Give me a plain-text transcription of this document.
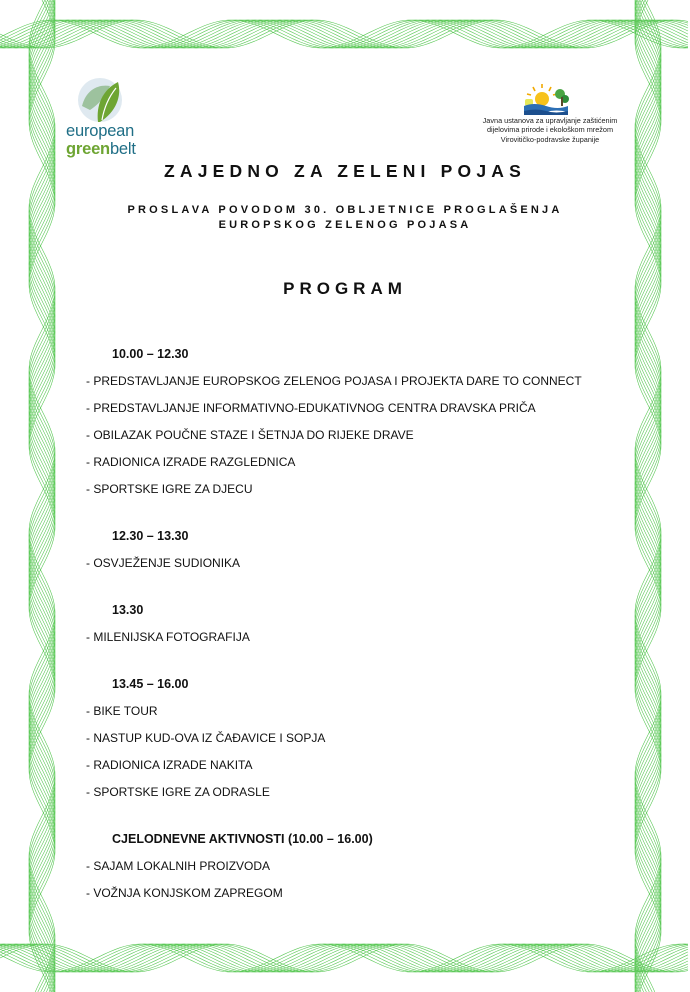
european
greenbelt
Javna ustanova za upravljanje zaštićenim
dijelovima prirode i ekološkom mrežom
Virovitičko-podravske županije
ZAJEDNO ZA ZELENI POJAS
PROSLAVA POVODOM 30. OBLJETNICE PROGLAŠENJA
EUROPSKOG ZELENOG POJASA
PROGRAM
10.00 – 12.30
- PREDSTAVLJANJE EUROPSKOG ZELENOG POJASA I PROJEKTA DARE TO CONNECT
- PREDSTAVLJANJE INFORMATIVNO-EDUKATIVNOG CENTRA DRAVSKA PRIČA
- OBILAZAK POUČNE STAZE I ŠETNJA DO RIJEKE DRAVE
- RADIONICA IZRADE RAZGLEDNICA
- SPORTSKE IGRE ZA DJECU
12.30 – 13.30
- OSVJEŽENJE SUDIONIKA
13.30
- MILENIJSKA FOTOGRAFIJA
13.45 – 16.00
- BIKE TOUR
- NASTUP KUD-OVA IZ ČAĐAVICE I SOPJA
- RADIONICA IZRADE NAKITA
- SPORTSKE IGRE ZA ODRASLE
CJELODNEVNE AKTIVNOSTI (10.00 – 16.00)
- SAJAM LOKALNIH PROIZVODA
- VOŽNJA KONJSKOM ZAPREGOM
